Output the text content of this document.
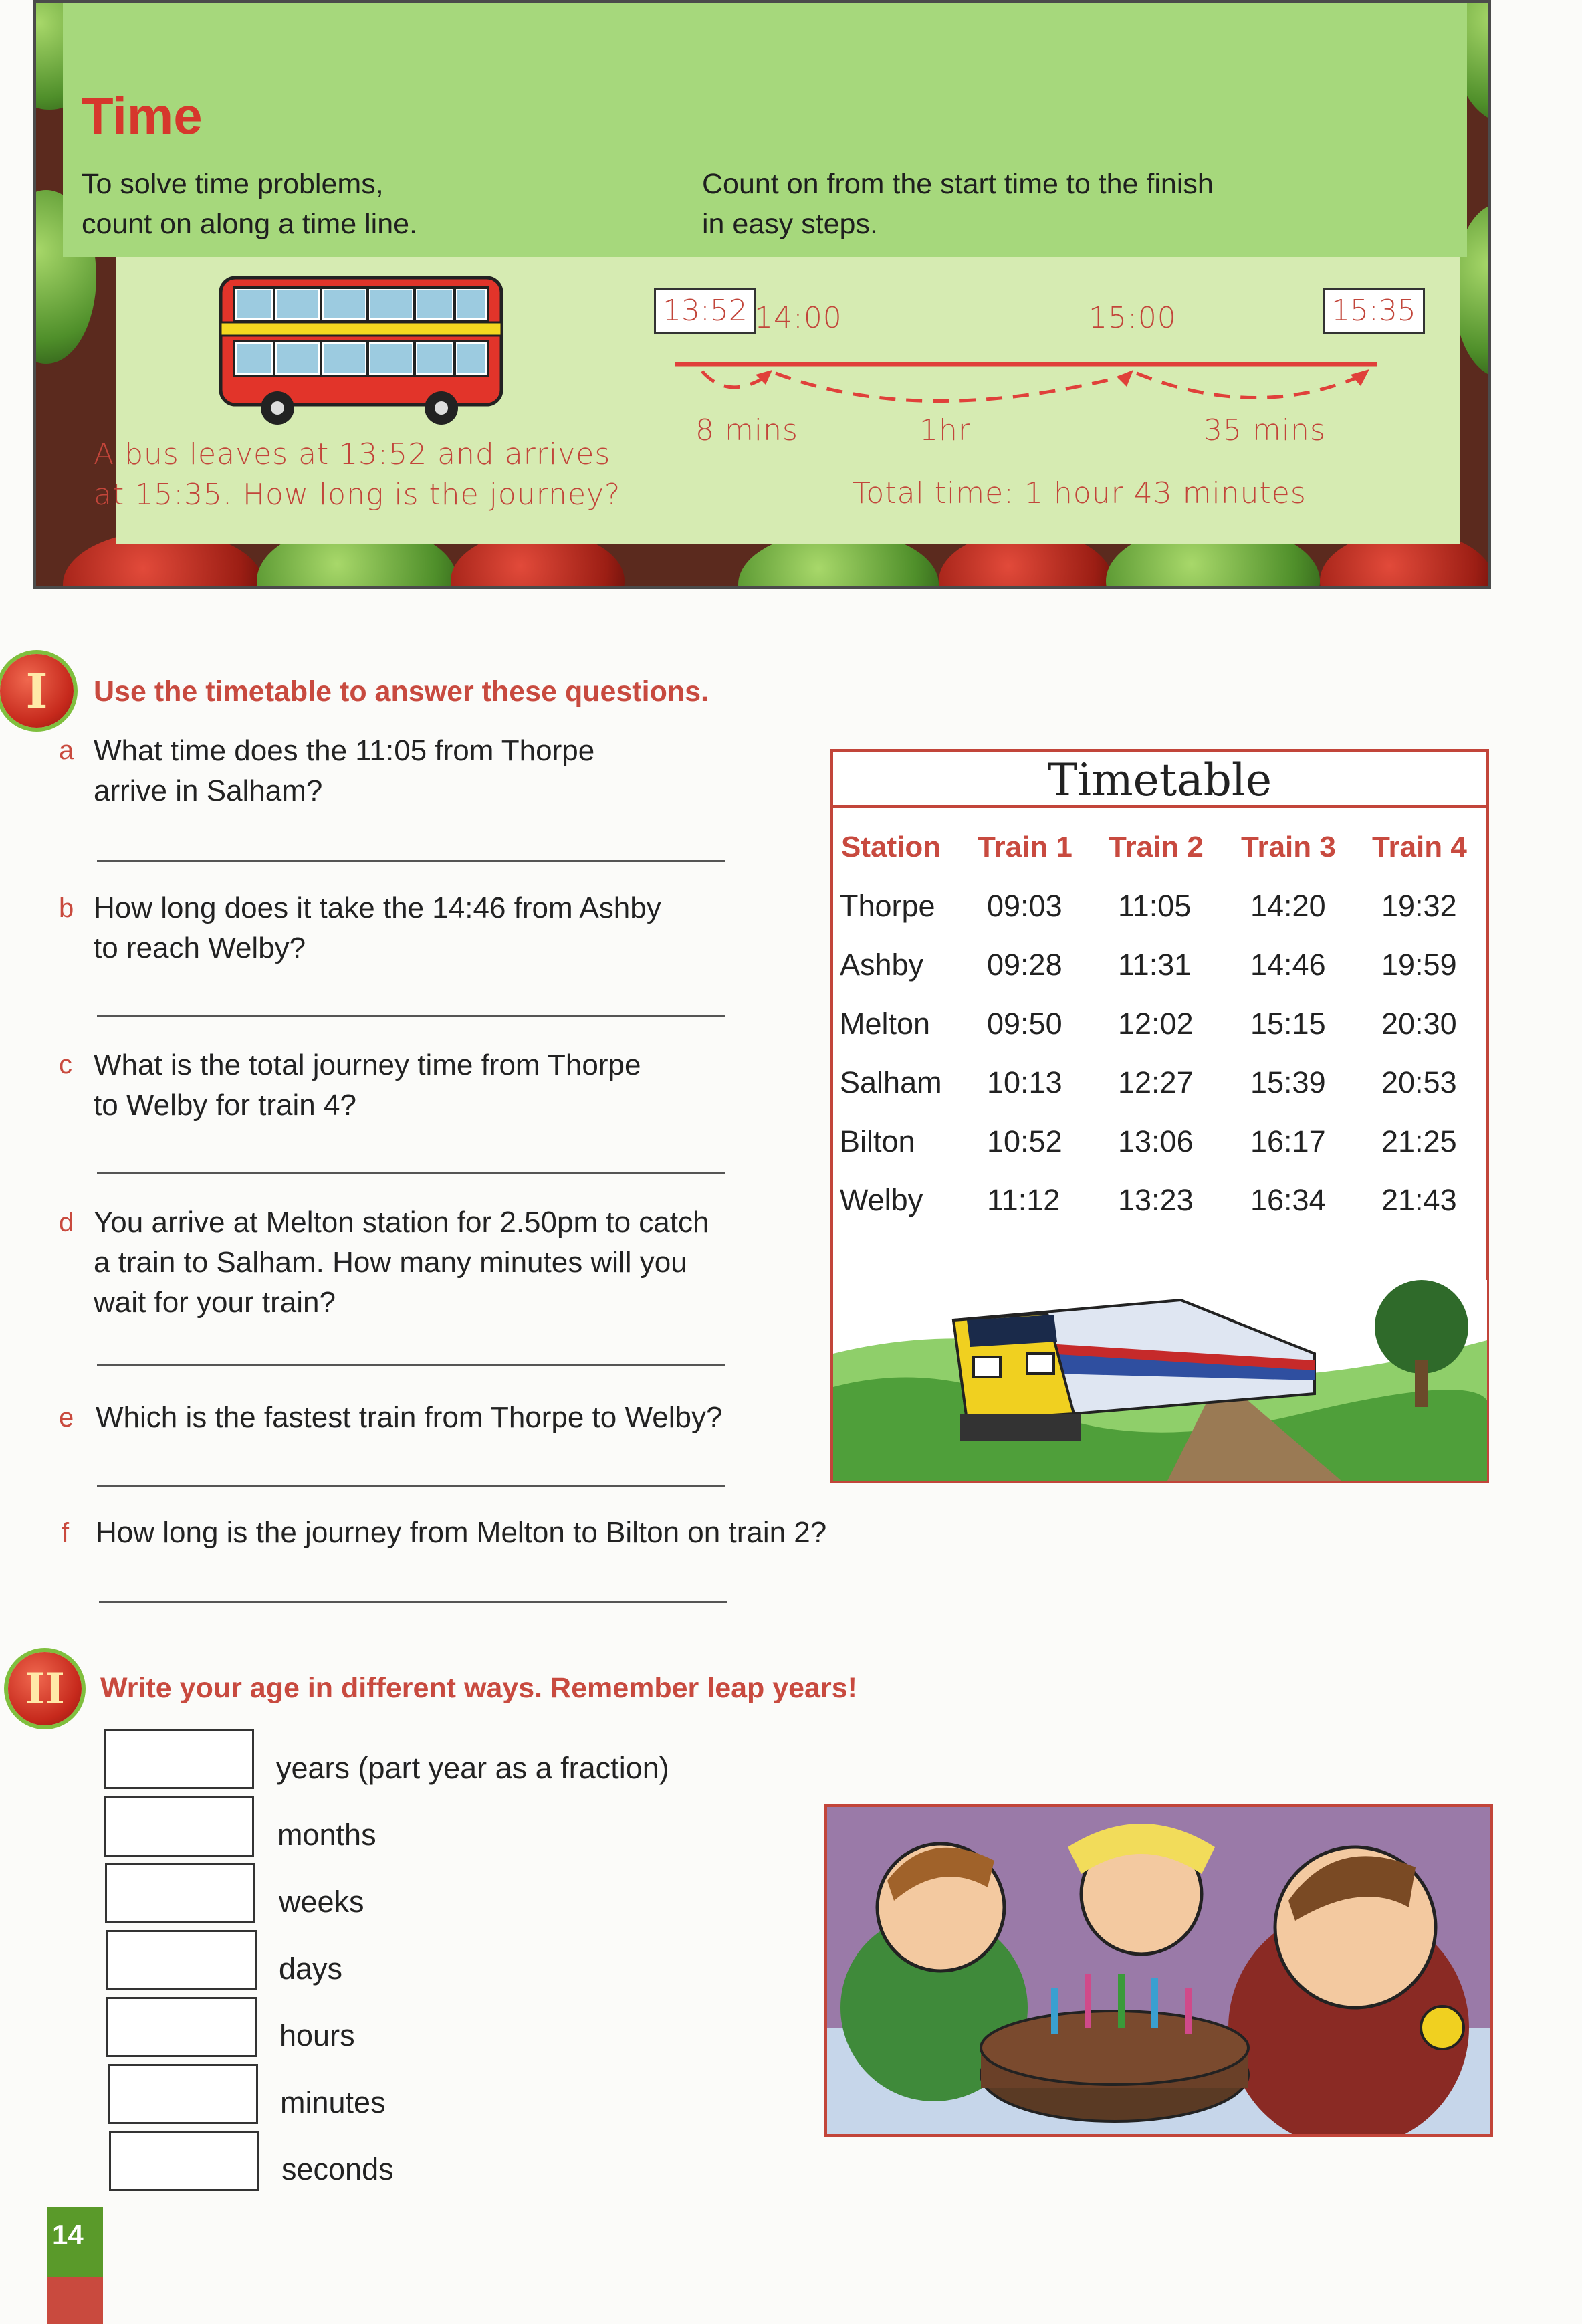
Time
To solve time problems,
count on along a time line.
Count on from the start time to the finish
in easy steps.
A bus leaves at 13:52 and arrives
at 15:35. How long is the journey?
13:52 14:00	15:00	15:35
8 mins	1hr	35 mins
Total time: 1 hour 43 minutes
I	Use the timetable to answer these questions.
a What time does the 11:05 from Thorpe
arrive in Salham?
b How long does it take the 14:46 from Ashby
to reach Welby?
c What is the total journey time from Thorpe
to Welby for train 4?
d You arrive at Melton station for 2.50pm to catch
a train to Salham. How many minutes will you
wait for your train?
e Which is the fastest train from Thorpe to Welby?
f How long is the journey from Melton to Bilton on train 2?
Timetable
Station Train 1 Train 2 Train 3 Train 4
Thorpe 09:03 11:05 14:20 19:32
Ashby 09:28 11:31 14:46 19:59
Melton 09:50 12:02 15:15 20:30
Salham 10:13 12:27 15:39 20:53
Bilton 10:52 13:06 16:17 21:25
Welby 11:12 13:23 16:34 21:43
II	Write your age in different ways. Remember leap years!
years (part year as a fraction)
months
weeks
days
hours
minutes
seconds
14
